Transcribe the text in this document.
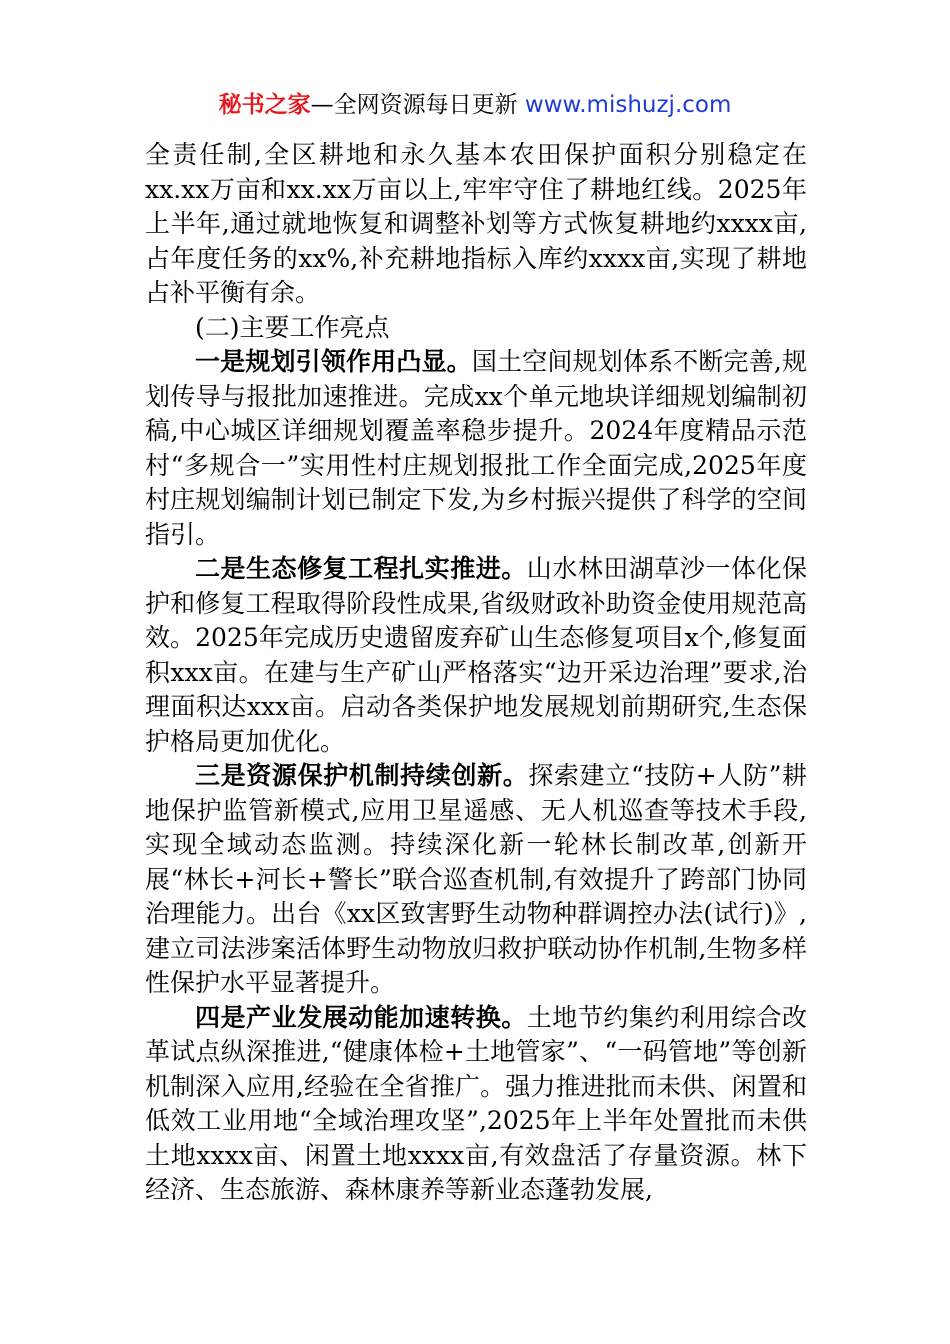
秘书之家—全网资源每日更新 www.mishuzj.com

全责任制,全区耕地和永久基本农田保护面积分别稳定在xx.xx万亩和xx.xx万亩以上,牢牢守住了耕地红线。2025年上半年,通过就地恢复和调整补划等方式恢复耕地约xxxx亩,占年度任务的xx%,补充耕地指标入库约xxxx亩,实现了耕地占补平衡有余。

(二)主要工作亮点

一是规划引领作用凸显。国土空间规划体系不断完善,规划传导与报批加速推进。完成xx个单元地块详细规划编制初稿,中心城区详细规划覆盖率稳步提升。2024年度精品示范村“多规合一”实用性村庄规划报批工作全面完成,2025年度村庄规划编制计划已制定下发,为乡村振兴提供了科学的空间指引。

二是生态修复工程扎实推进。山水林田湖草沙一体化保护和修复工程取得阶段性成果,省级财政补助资金使用规范高效。2025年完成历史遗留废弃矿山生态修复项目x个,修复面积xxx亩。在建与生产矿山严格落实“边开采边治理”要求,治理面积达xxx亩。启动各类保护地发展规划前期研究,生态保护格局更加优化。

三是资源保护机制持续创新。探索建立“技防+人防”耕地保护监管新模式,应用卫星遥感、无人机巡查等技术手段,实现全域动态监测。持续深化新一轮林长制改革,创新开展“林长+河长+警长”联合巡查机制,有效提升了跨部门协同治理能力。出台《xx区致害野生动物种群调控办法(试行)》,建立司法涉案活体野生动物放归救护联动协作机制,生物多样性保护水平显著提升。

四是产业发展动能加速转换。土地节约集约利用综合改革试点纵深推进,“健康体检+土地管家”、“一码管地”等创新机制深入应用,经验在全省推广。强力推进批而未供、闲置和低效工业用地“全域治理攻坚”,2025年上半年处置批而未供土地xxxx亩、闲置土地xxxx亩,有效盘活了存量资源。林下经济、生态旅游、森林康养等新业态蓬勃发展,
